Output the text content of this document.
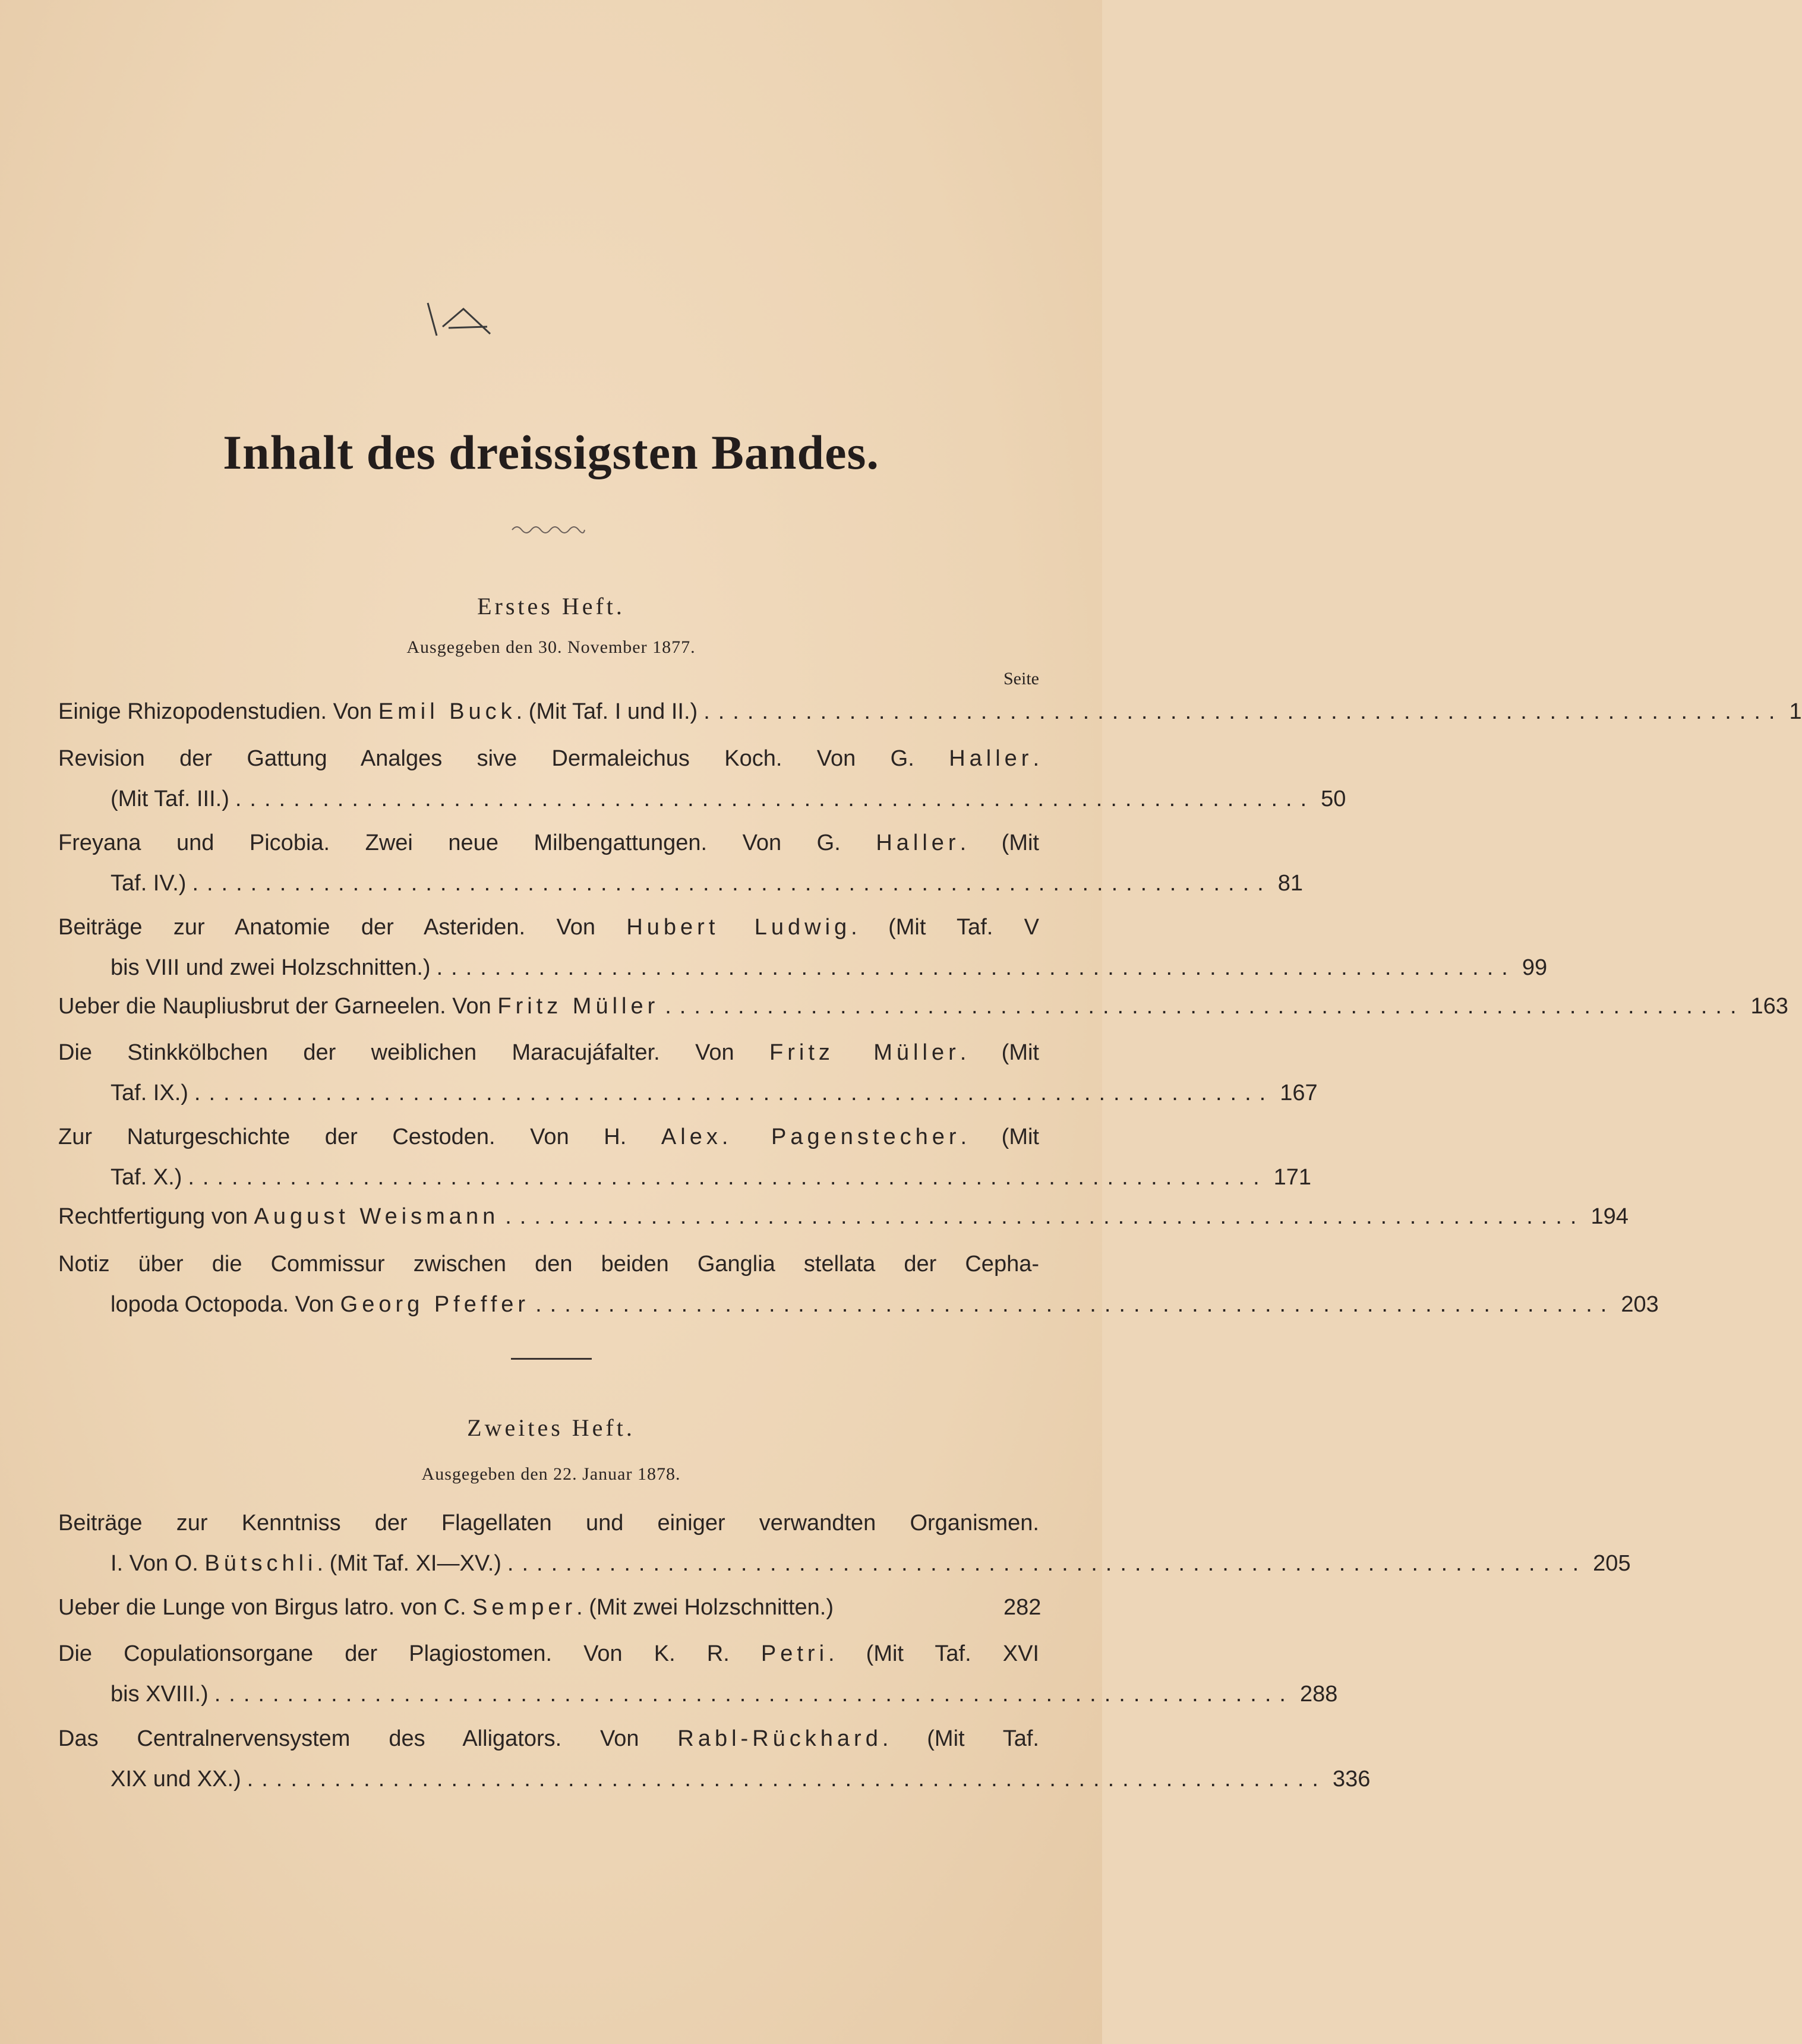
Inhalt des dreissigsten Bandes.
Erstes Heft.
Ausgegeben den 30. November 1877.
Seite
Einige Rhizopodenstudien. Von Emil Buck. (Mit Taf. I und II.) .......................................................................... 1
Revision der Gattung Analges sive Dermaleichus Koch. Von G. Haller.
(Mit Taf. III.) .......................................................................... 50
Freyana und Picobia. Zwei neue Milbengattungen. Von G. Haller. (Mit
Taf. IV.) .......................................................................... 81
Beiträge zur Anatomie der Asteriden. Von Hubert Ludwig. (Mit Taf. V
bis VIII und zwei Holzschnitten.) .......................................................................... 99
Ueber die Naupliusbrut der Garneelen. Von Fritz Müller .......................................................................... 163
Die Stinkkölbchen der weiblichen Maracujáfalter. Von Fritz Müller. (Mit
Taf. IX.) .......................................................................... 167
Zur Naturgeschichte der Cestoden. Von H. Alex. Pagenstecher. (Mit
Taf. X.) .......................................................................... 171
Rechtfertigung von August Weismann .......................................................................... 194
Notiz über die Commissur zwischen den beiden Ganglia stellata der Cepha-
lopoda Octopoda. Von Georg Pfeffer .......................................................................... 203
Zweites Heft.
Ausgegeben den 22. Januar 1878.
Beiträge zur Kenntniss der Flagellaten und einiger verwandten Organismen.
I. Von O. Bütschli. (Mit Taf. XI—XV.) .......................................................................... 205
Ueber die Lunge von Birgus latro. von C. Semper. (Mit zwei Holzschnitten.)	282
Die Copulationsorgane der Plagiostomen. Von K. R. Petri. (Mit Taf. XVI
bis XVIII.) .......................................................................... 288
Das Centralnervensystem des Alligators. Von Rabl-Rückhard. (Mit Taf.
XIX und XX.) .......................................................................... 336
